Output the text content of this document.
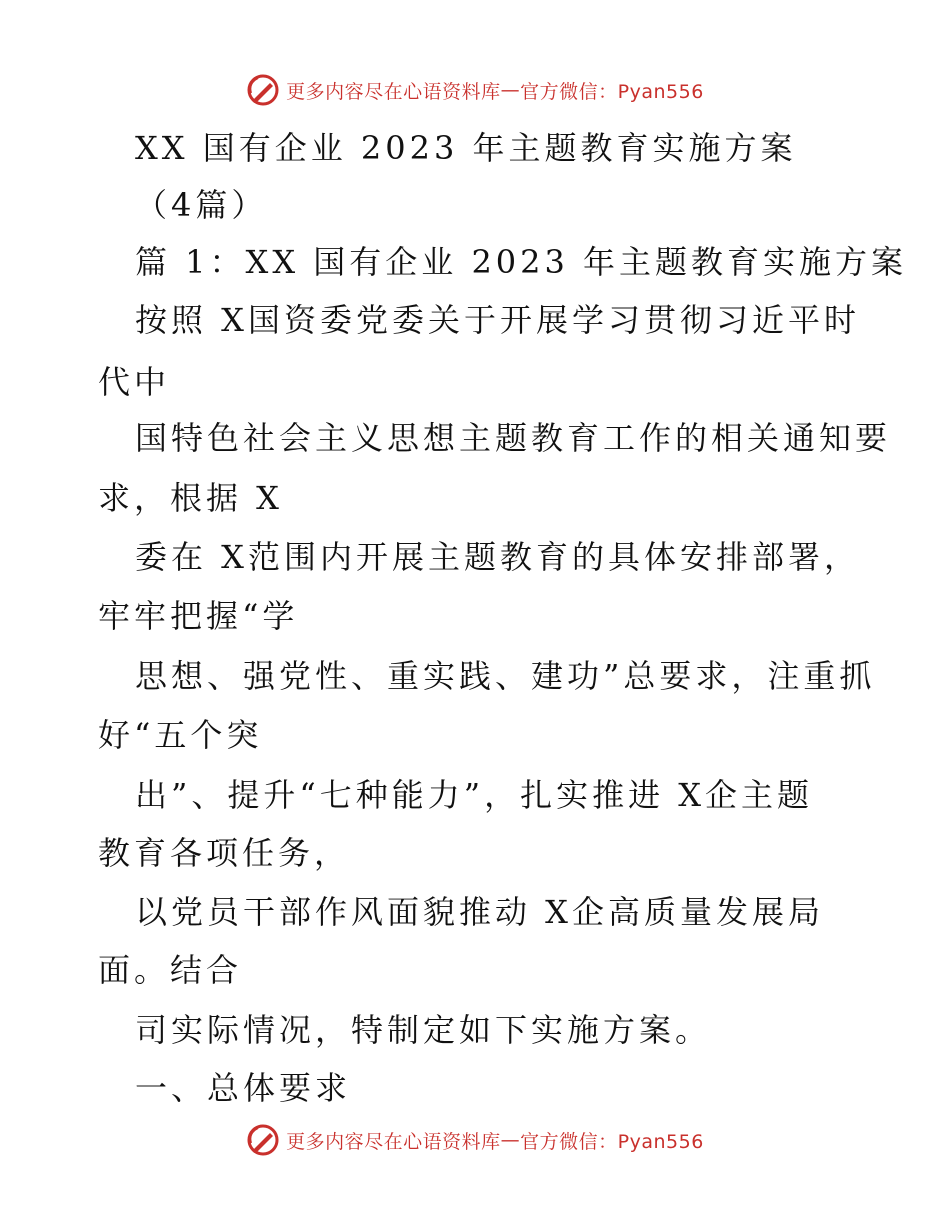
更多内容尽在心语资料库 — 官方微信：Pyan556
XX 国有企业 2023 年主题教育实施方案
（4篇）
篇 1：XX 国有企业 2023 年主题教育实施方案
按照 X国资委党委关于开展学习贯彻习近平时
代中
国特色社会主义思想主题教育工作的相关通知要
求，根据 X
委在 X范围内开展主题教育的具体安排部署，
牢牢把握“学
思想、强党性、重实践、建功”总要求，注重抓
好“五个突
出”、提升“七种能力”，扎实推进 X企主题
教育各项任务，
以党员干部作风面貌推动 X企高质量发展局
面。结合
司实际情况，特制定如下实施方案。
一、总体要求
更多内容尽在心语资料库 — 官方微信：Pyan556
